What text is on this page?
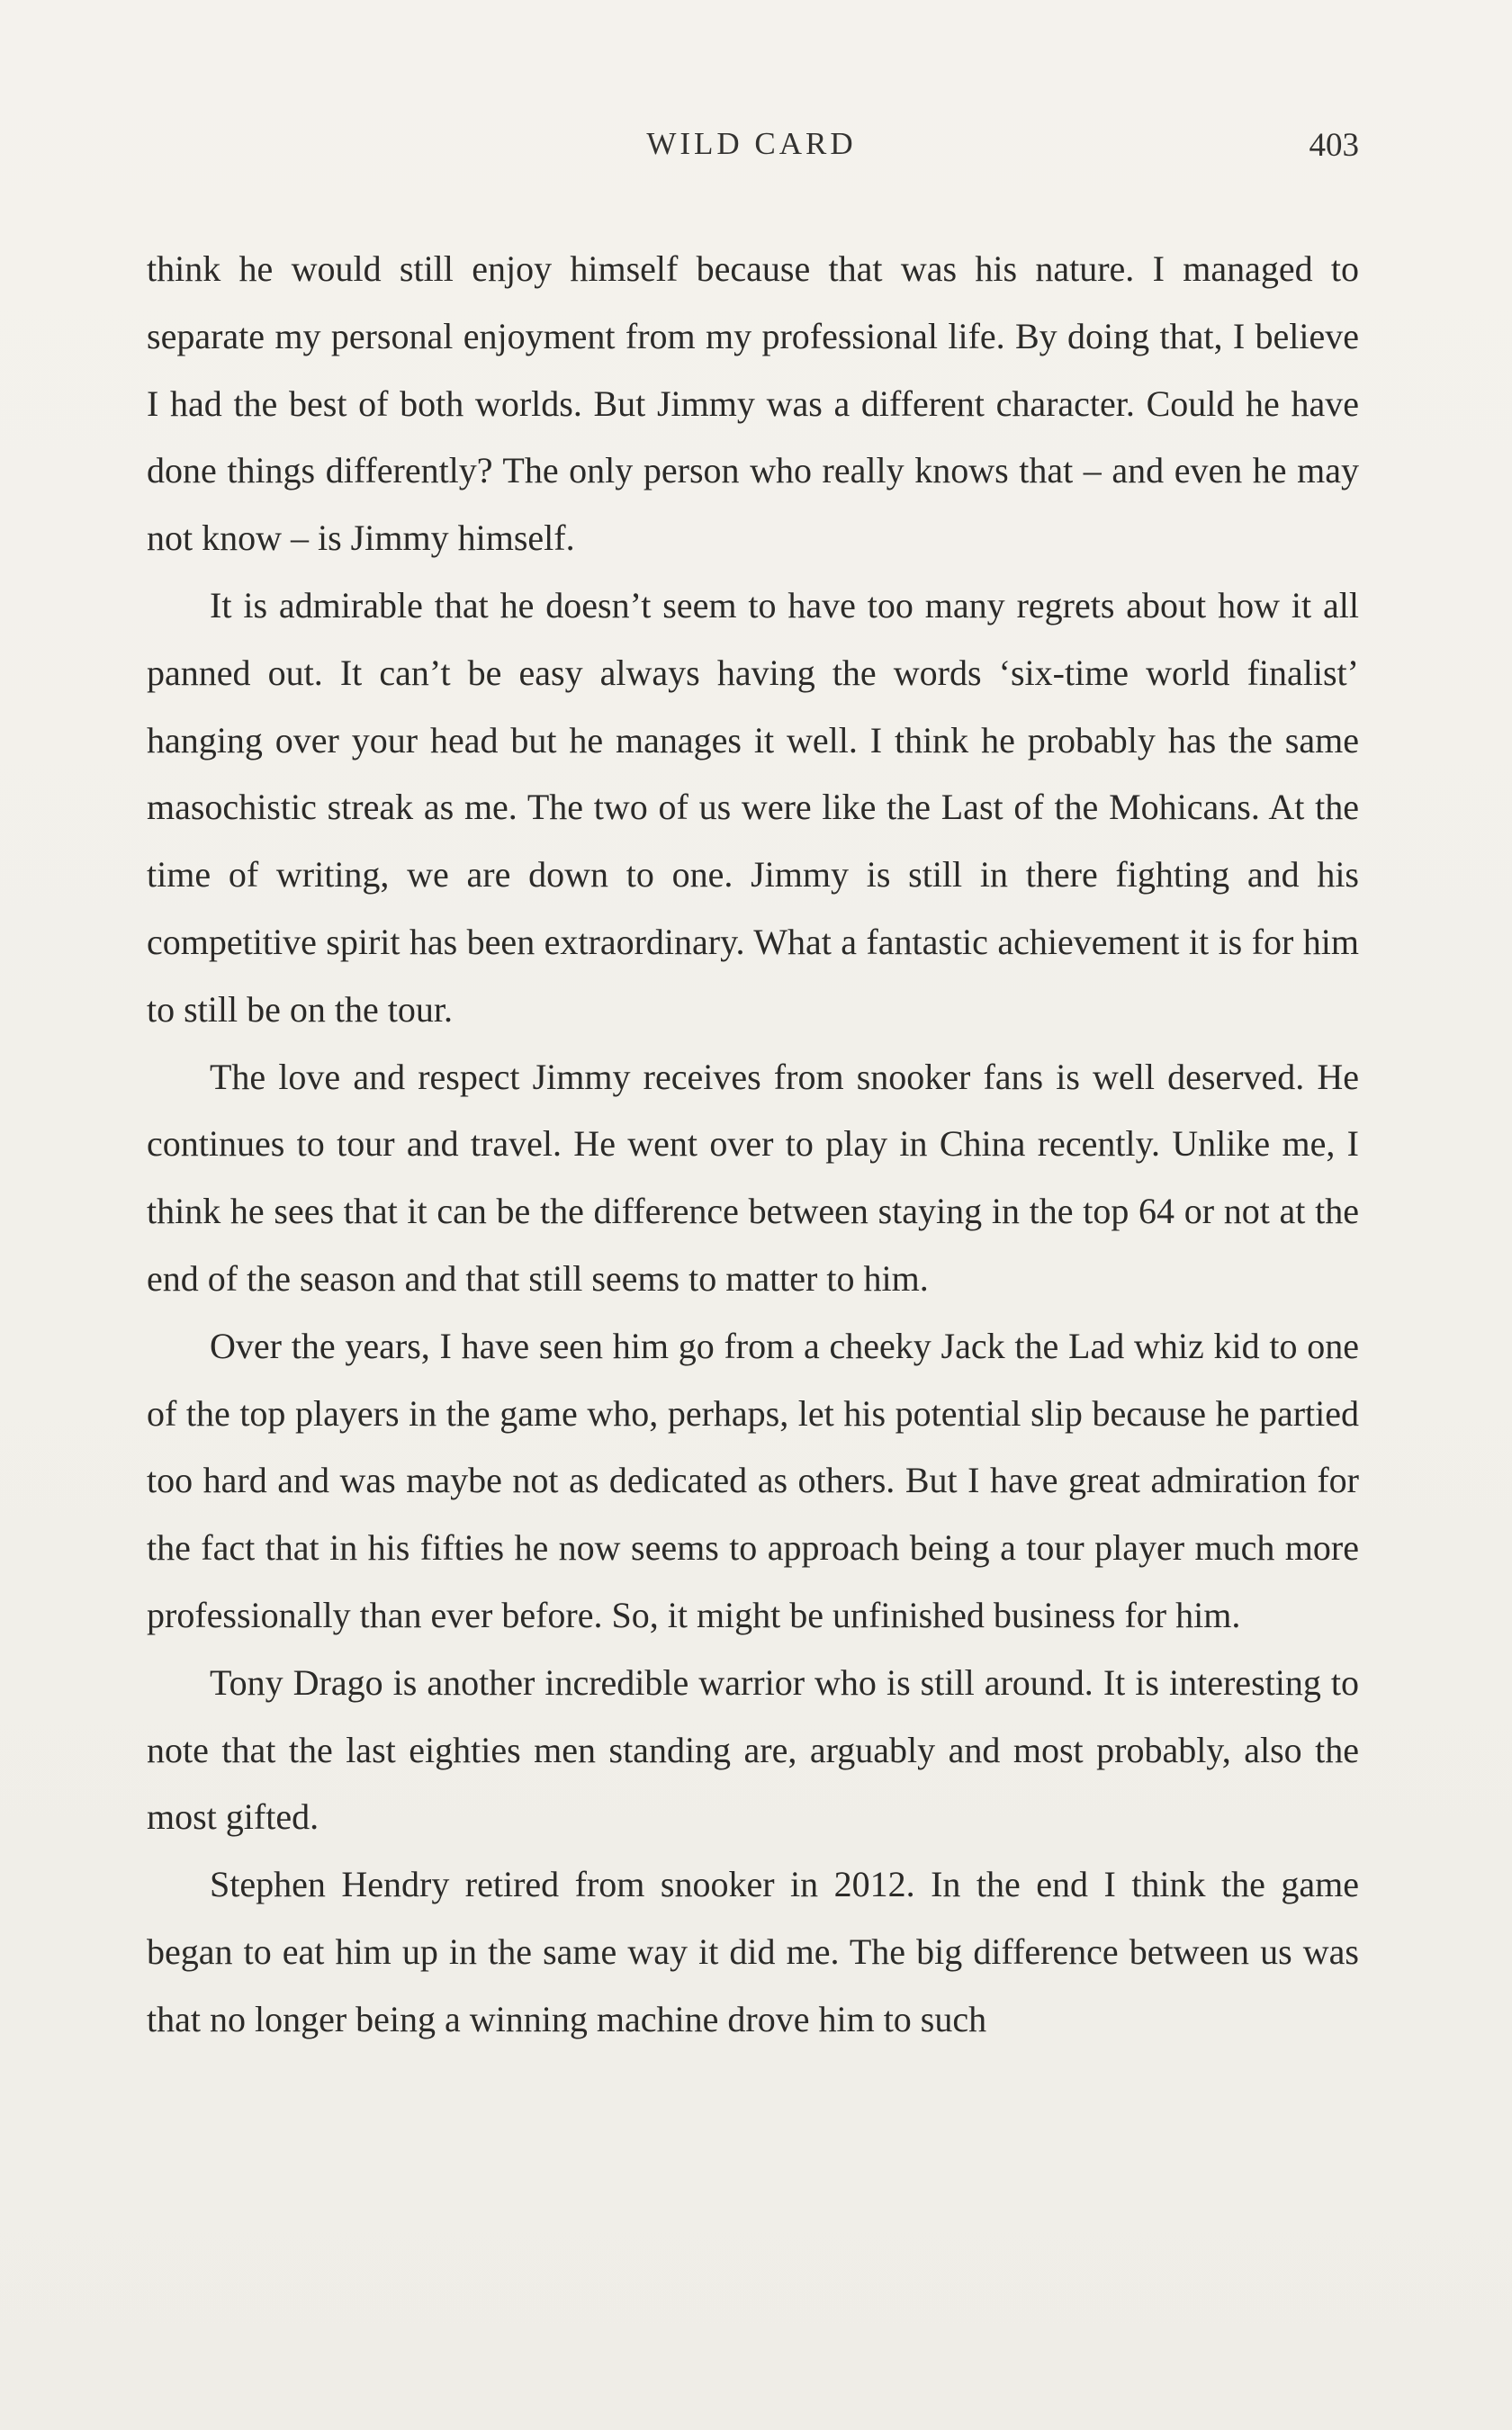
WILD CARD	403

think he would still enjoy himself because that was his nature. I managed to separate my personal enjoyment from my professional life. By doing that, I believe I had the best of both worlds. But Jimmy was a different character. Could he have done things differently? The only person who really knows that – and even he may not know – is Jimmy himself.

It is admirable that he doesn’t seem to have too many regrets about how it all panned out. It can’t be easy always having the words ‘six-time world finalist’ hanging over your head but he manages it well. I think he probably has the same masochistic streak as me. The two of us were like the Last of the Mohicans. At the time of writing, we are down to one. Jimmy is still in there fighting and his competitive spirit has been extraordinary. What a fantastic achievement it is for him to still be on the tour.

The love and respect Jimmy receives from snooker fans is well deserved. He continues to tour and travel. He went over to play in China recently. Unlike me, I think he sees that it can be the difference between staying in the top 64 or not at the end of the season and that still seems to matter to him.

Over the years, I have seen him go from a cheeky Jack the Lad whiz kid to one of the top players in the game who, perhaps, let his potential slip because he partied too hard and was maybe not as dedicated as others. But I have great admiration for the fact that in his fifties he now seems to approach being a tour player much more professionally than ever before. So, it might be unfinished business for him.

Tony Drago is another incredible warrior who is still around. It is interesting to note that the last eighties men standing are, arguably and most probably, also the most gifted.

Stephen Hendry retired from snooker in 2012. In the end I think the game began to eat him up in the same way it did me. The big difference between us was that no longer being a winning machine drove him to such
